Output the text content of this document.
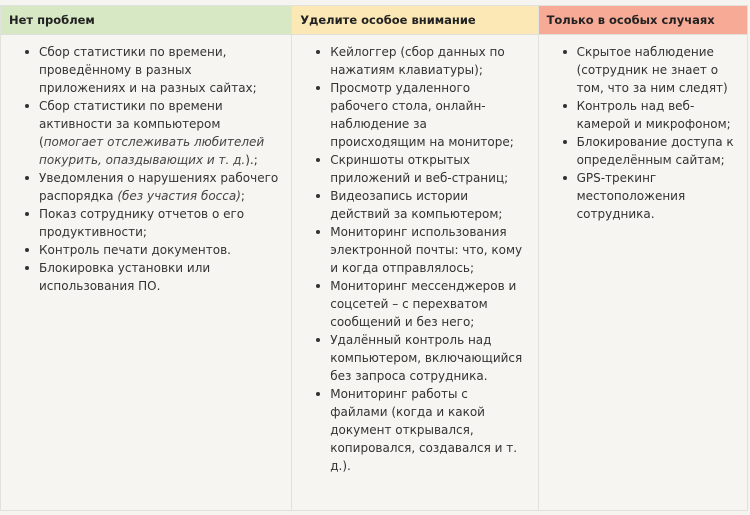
Нет проблем
Сбор статистики по времени, проведённому в разных приложениях и на разных сайтах;
Сбор статистики по времени активности за компьютером (помогает отслеживать любителей покурить, опаздывающих и т. д.).;
Уведомления о нарушениях рабочего распорядка (без участия босса);
Показ сотруднику отчетов о его продуктивности;
Контроль печати документов.
Блокировка установки или использования ПО.
Уделите особое внимание
Кейлоггер (сбор данных по нажатиям клавиатуры);
Просмотр удаленного рабочего стола, онлайн-наблюдение за происходящим на мониторе;
Скриншоты открытых приложений и веб-страниц;
Видеозапись истории действий за компьютером;
Мониторинг использования электронной почты: что, кому и когда отправлялось;
Мониторинг мессенджеров и соцсетей – с перехватом сообщений и без него;
Удалённый контроль над компьютером, включающийся без запроса сотрудника.
Мониторинг работы с файлами (когда и какой документ открывался, копировался, создавался и т. д.).
Только в особых случаях
Скрытое наблюдение (сотрудник не знает о том, что за ним следят)
Контроль над веб-камерой и микрофоном;
Блокирование доступа к определённым сайтам;
GPS-трекинг местоположения сотрудника.
